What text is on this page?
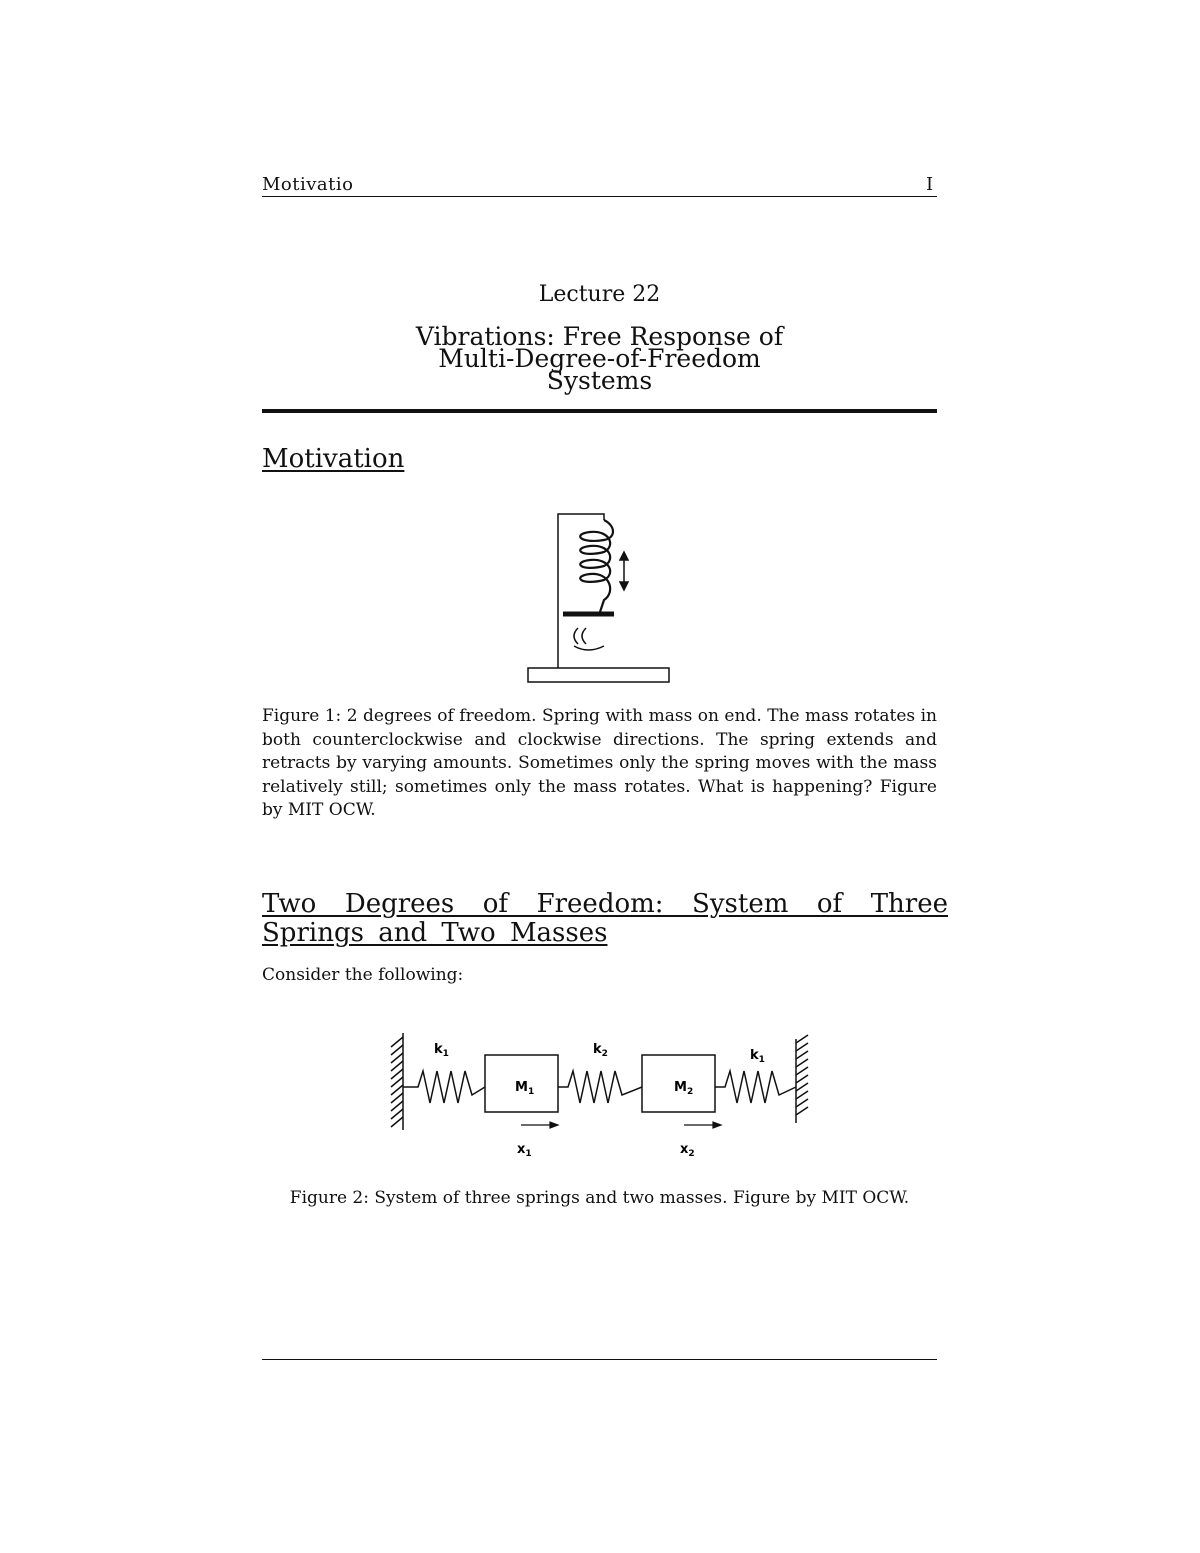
Motivatio	I
Lecture 22
Vibrations: Free Response of
Multi-Degree-of-Freedom
Systems
Motivation
Figure 1: 2 degrees of freedom. Spring with mass on end. The mass rotates in both counterclockwise and clockwise directions. The spring extends and retracts by varying amounts. Sometimes only the spring moves with the mass relatively still; sometimes only the mass rotates. What is happening? Figure by MIT OCW.
Two Degrees of Freedom: System of Three Springs and Two Masses
Consider the following:
$k_1$	$k_2$	$k_1$
$M_1$	$M_2$
$x_1$	$x_2$
Figure 2: System of three springs and two masses. Figure by MIT OCW.
